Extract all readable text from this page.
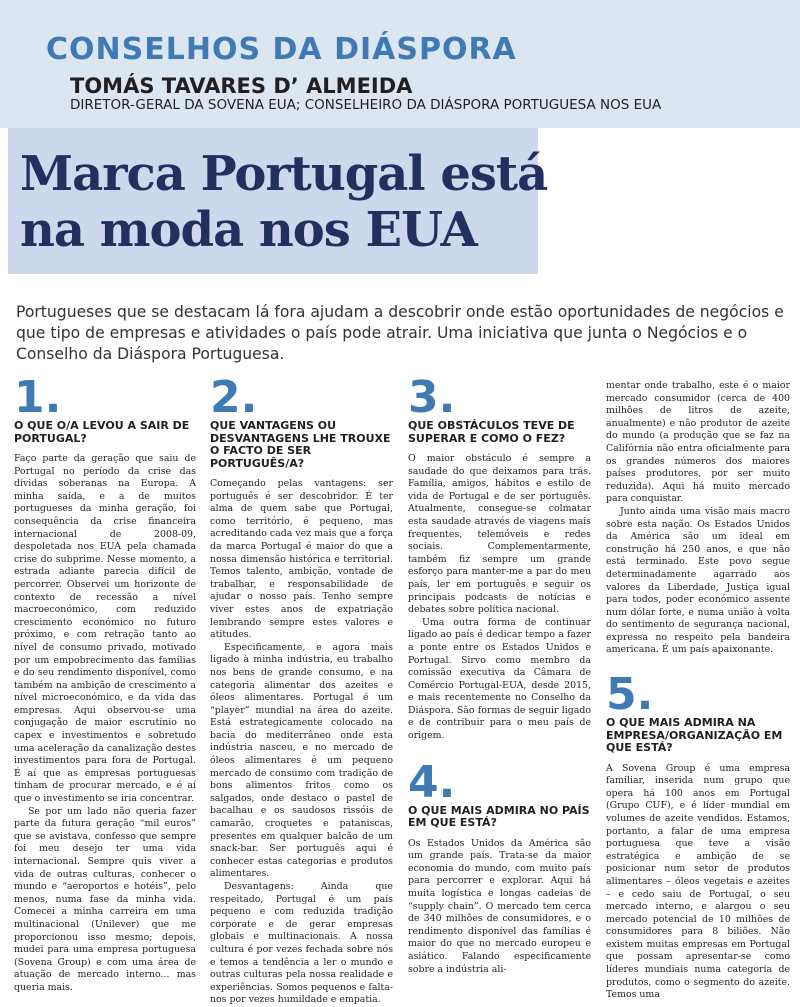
CONSELHOS DA DIÁSPORA
TOMÁS TAVARES D’ ALMEIDA
DIRETOR-GERAL DA SOVENA EUA; CONSELHEIRO DA DIÁSPORA PORTUGUESA NOS EUA
Marca Portugal está
na moda nos EUA

Portugueses que se destacam lá fora ajudam a descobrir onde estão oportunidades de negócios e que tipo de empresas e atividades o país pode atrair. Uma iniciativa que junta o Negócios e o Conselho da Diáspora Portuguesa.

1.
O QUE O/A LEVOU A SAIR DE PORTUGAL?

Faço parte da geração que saiu de Portugal no período da crise das dívidas soberanas na Europa. A minha saída, e a de muitos portugueses da minha geração, foi consequência da crise financeira internacional de 2008-09, despoletada nos EUA pela chamada crise do subprime. Nesse momento, a estrada adiante parecia difícil de percorrer. Observei um horizonte de contexto de recessão a nível macroeconómico, com reduzido crescimento económico no futuro próximo, e com retração tanto ao nível de consumo privado, motivado por um empobrecimento das famílias e do seu rendimento disponível, como também na ambição de crescimento a nível microeconómico, e da vida das empresas. Aqui observou-se uma conjugação de maior escrutínio no capex e investimentos e sobretudo uma aceleração da canalização destes investimentos para fora de Portugal. É aí que as empresas portuguesas tinham de procurar mercado, e é aí que o investimento se iria concentrar.

Se por um lado não queria fazer parte da futura geração “mil euros” que se avistava, confesso que sempre foi meu desejo ter uma vida internacional. Sempre quis viver a vida de outras culturas, conhecer o mundo e “aeroportos e hotéis”, pelo menos, numa fase da minha vida. Comecei a minha carreira em uma multinacional (Unilever) que me proporcionou isso mesmo; depois, mudei para uma empresa portuguesa (Sovena Group) e com uma área de atuação de mercado interno... mas queria mais.

2.
QUE VANTAGENS OU DESVANTAGENS LHE TROUXE O FACTO DE SER PORTUGUÊS/A?

Começando pelas vantagens: ser português é ser descobridor. É ter alma de quem sabe que Portugal, como território, é pequeno, mas acreditando cada vez mais que a força da marca Portugal é maior do que a nossa dimensão histórica e territorial. Temos talento, ambição, vontade de trabalhar, e responsabilidade de ajudar o nosso país. Tenho sempre viver estes anos de expatriação lembrando sempre estes valores e atitudes.

Especificamente, e agora mais ligado à minha indústria, eu trabalho nos bens de grande consumo, e na categoria alimentar dos azeites e óleos alimentares. Portugal é um “player” mundial na área do azeite. Está estrategicamente colocado na bacia do mediterrâneo onde esta indústria nasceu, e no mercado de óleos alimentares é um pequeno mercado de consumo com tradição de bons alimentos fritos como os salgados, onde destaco o pastel de bacalhau e os saudosos rissóis de camarão, croquetes e pataniscas, presentes em qualquer balcão de um snack-bar. Ser português aqui é conhecer estas categorias e produtos alimentares.

Desvantagens: Ainda que respeitado, Portugal é um país pequeno e com reduzida tradição corporate e de gerar empresas globais e multinacionais. A nossa cultura é por vezes fechada sobre nós e temos a tendência a ler o mundo e outras culturas pela nossa realidade e experiências. Somos pequenos e falta-nos por vezes humildade e empatia.

3.
QUE OBSTÁCULOS TEVE DE SUPERAR E COMO O FEZ?

O maior obstáculo é sempre a saudade do que deixamos para trás. Família, amigos, hábitos e estilo de vida de Portugal e de ser português. Atualmente, consegue-se colmatar esta saudade através de viagens mais frequentes, telemóveis e redes sociais. Complementarmente, também fiz sempre um grande esforço para manter-me a par do meu país, ler em português e seguir os principais podcasts de notícias e debates sobre política nacional.

Uma outra forma de continuar ligado ao país é dedicar tempo a fazer a ponte entre os Estados Unidos e Portugal. Sirvo como membro da comissão executiva da Câmara de Comércio Portugal-EUA, desde 2015, e mais recentemente no Conselho da Diáspora. São formas de seguir ligado e de contribuir para o meu país de origem.

4.
O QUE MAIS ADMIRA NO PAÍS EM QUE ESTÁ?

Os Estados Unidos da América são um grande país. Trata-se da maior economia do mundo, com muito país para percorrer e explorar. Aqui há muita logística e longas cadeias de “supply chain”. O mercado tem cerca de 340 milhões de consumidores, e o rendimento disponível das famílias é maior do que no mercado europeu e asiático. Falando especificamente sobre a indústria ali-

mentar onde trabalho, este é o maior mercado consumidor (cerca de 400 milhões de litros de azeite, anualmente) e não produtor de azeite do mundo (a produção que se faz na Califórnia não entra oficialmente para os grandes números dos maiores países produtores, por ser muito reduzida). Aqui há muito mercado para conquistar.

Junto ainda uma visão mais macro sobre esta nação. Os Estados Unidos da América são um ideal em construção há 250 anos, e que não está terminado. Este povo segue determinadamente agarrado aos valores da Liberdade, Justiça igual para todos, poder económico assente num dólar forte, e numa união à volta do sentimento de segurança nacional, expressa no respeito pela bandeira americana. É um país apaixonante.

5.
O QUE MAIS ADMIRA NA EMPRESA/ORGANIZAÇÃO EM QUE ESTÁ?

A Sovena Group é uma empresa familiar, inserida num grupo que opera há 100 anos em Portugal (Grupo CUF), e é líder mundial em volumes de azeite vendidos. Estamos, portanto, a falar de uma empresa portuguesa que teve a visão estratégica e ambição de se posicionar num setor de produtos alimentares – óleos vegetais e azeites – e cedo saiu de Portugal, o seu mercado interno, e alargou o seu mercado potencial de 10 milhões de consumidores para 8 biliões. Não existem muitas empresas em Portugal que possam apresentar-se como líderes mundiais numa categoria de produtos, como o segmento do azeite. Temos uma
